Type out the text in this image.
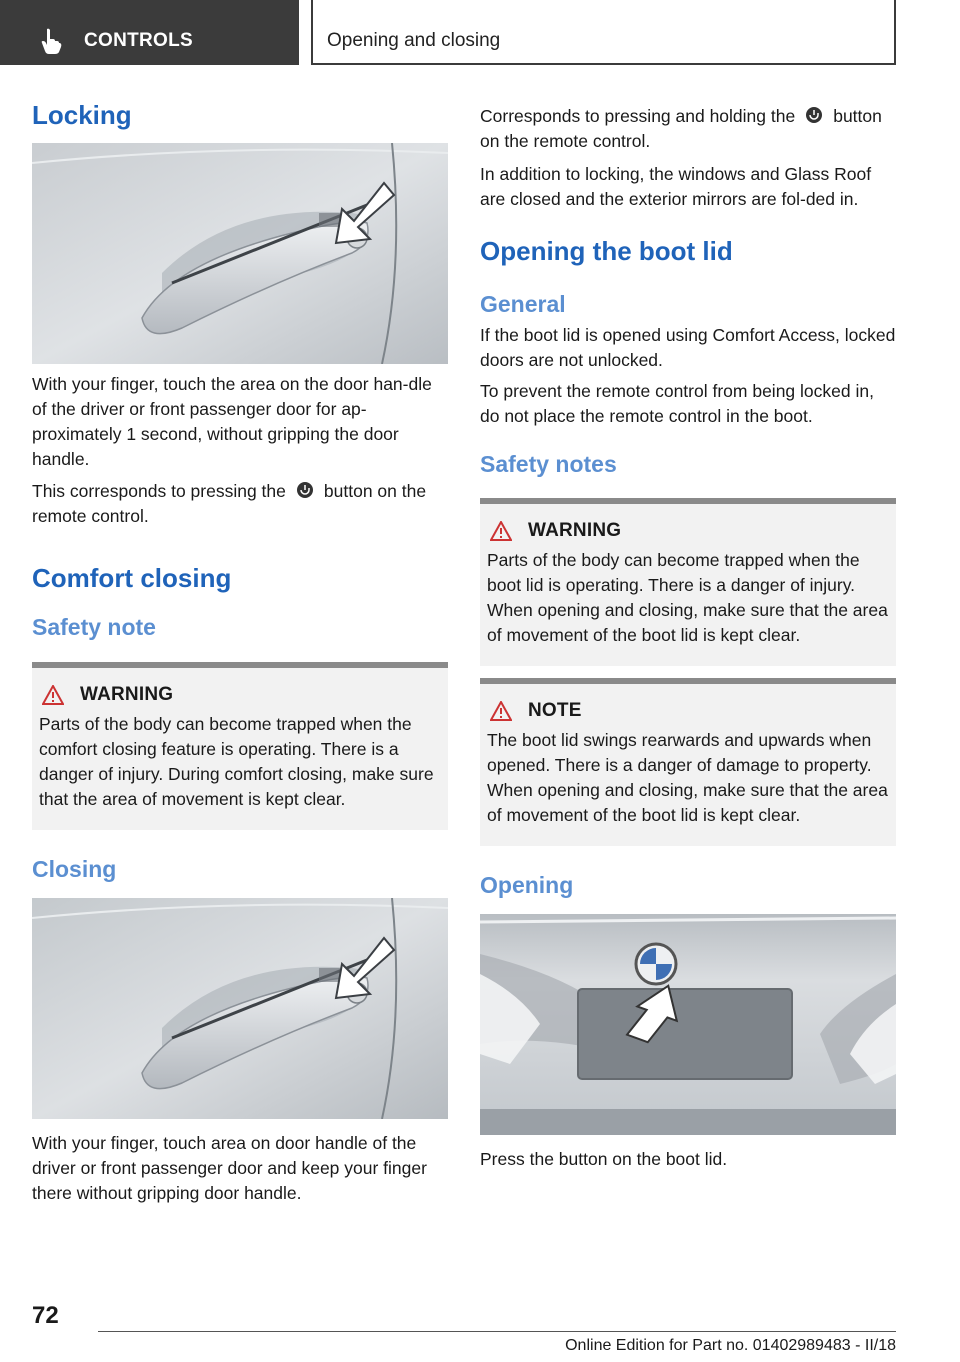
CONTROLS	Opening and closing
Locking

With your finger, touch the area on the door han-dle of the driver or front passenger door for ap-proximately 1 second, without gripping the door handle.

This corresponds to pressing the button on the remote control.

Comfort closing
Safety note
WARNING

Parts of the body can become trapped when the comfort closing feature is operating. There is a danger of injury. During comfort closing, make sure that the area of movement is kept clear.

Closing

With your finger, touch area on door handle of the driver or front passenger door and keep your finger there without gripping door handle.

Corresponds to pressing and holding the button on the remote control.

In addition to locking, the windows and Glass Roof are closed and the exterior mirrors are fol-ded in.

Opening the boot lid
General

If the boot lid is opened using Comfort Access, locked doors are not unlocked.

To prevent the remote control from being locked in, do not place the remote control in the boot.

Safety notes
WARNING

Parts of the body can become trapped when the boot lid is operating. There is a danger of injury. When opening and closing, make sure that the area of movement of the boot lid is kept clear.

NOTE

The boot lid swings rearwards and upwards when opened. There is a danger of damage to property. When opening and closing, make sure that the area of movement of the boot lid is kept clear.

Opening

Press the button on the boot lid.

72
Online Edition for Part no. 01402989483 - II/18
